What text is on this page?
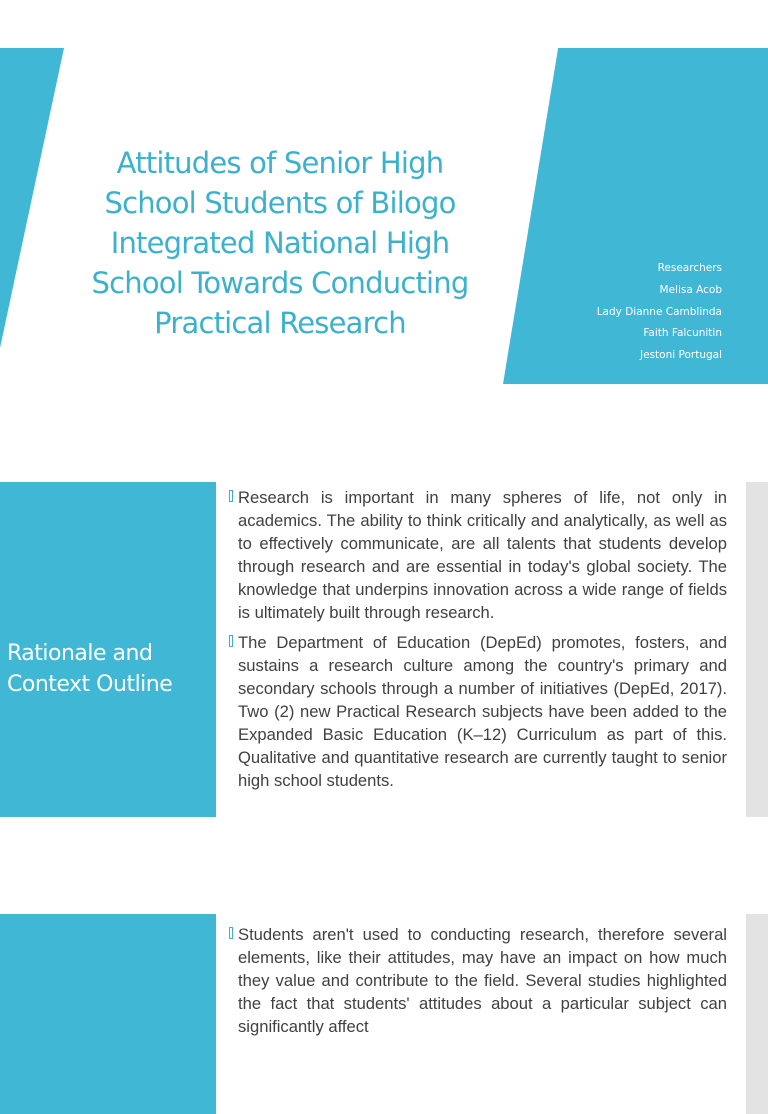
Attitudes of Senior High School Students of Bilogo Integrated National High School Towards Conducting Practical Research
Researchers
Melisa Acob
Lady Dianne Camblinda
Faith Falcunitin
Jestoni Portugal
Rationale and Context Outline
Research is important in many spheres of life, not only in academics. The ability to think critically and analytically, as well as to effectively communicate, are all talents that students develop through research and are essential in today's global society. The knowledge that underpins innovation across a wide range of fields is ultimately built through research.
The Department of Education (DepEd) promotes, fosters, and sustains a research culture among the country's primary and secondary schools through a number of initiatives (DepEd, 2017). Two (2) new Practical Research subjects have been added to the Expanded Basic Education (K–12) Curriculum as part of this. Qualitative and quantitative research are currently taught to senior high school students.
Students aren't used to conducting research, therefore several elements, like their attitudes, may have an impact on how much they value and contribute to the field. Several studies highlighted the fact that students' attitudes about a particular subject can significantly affect
